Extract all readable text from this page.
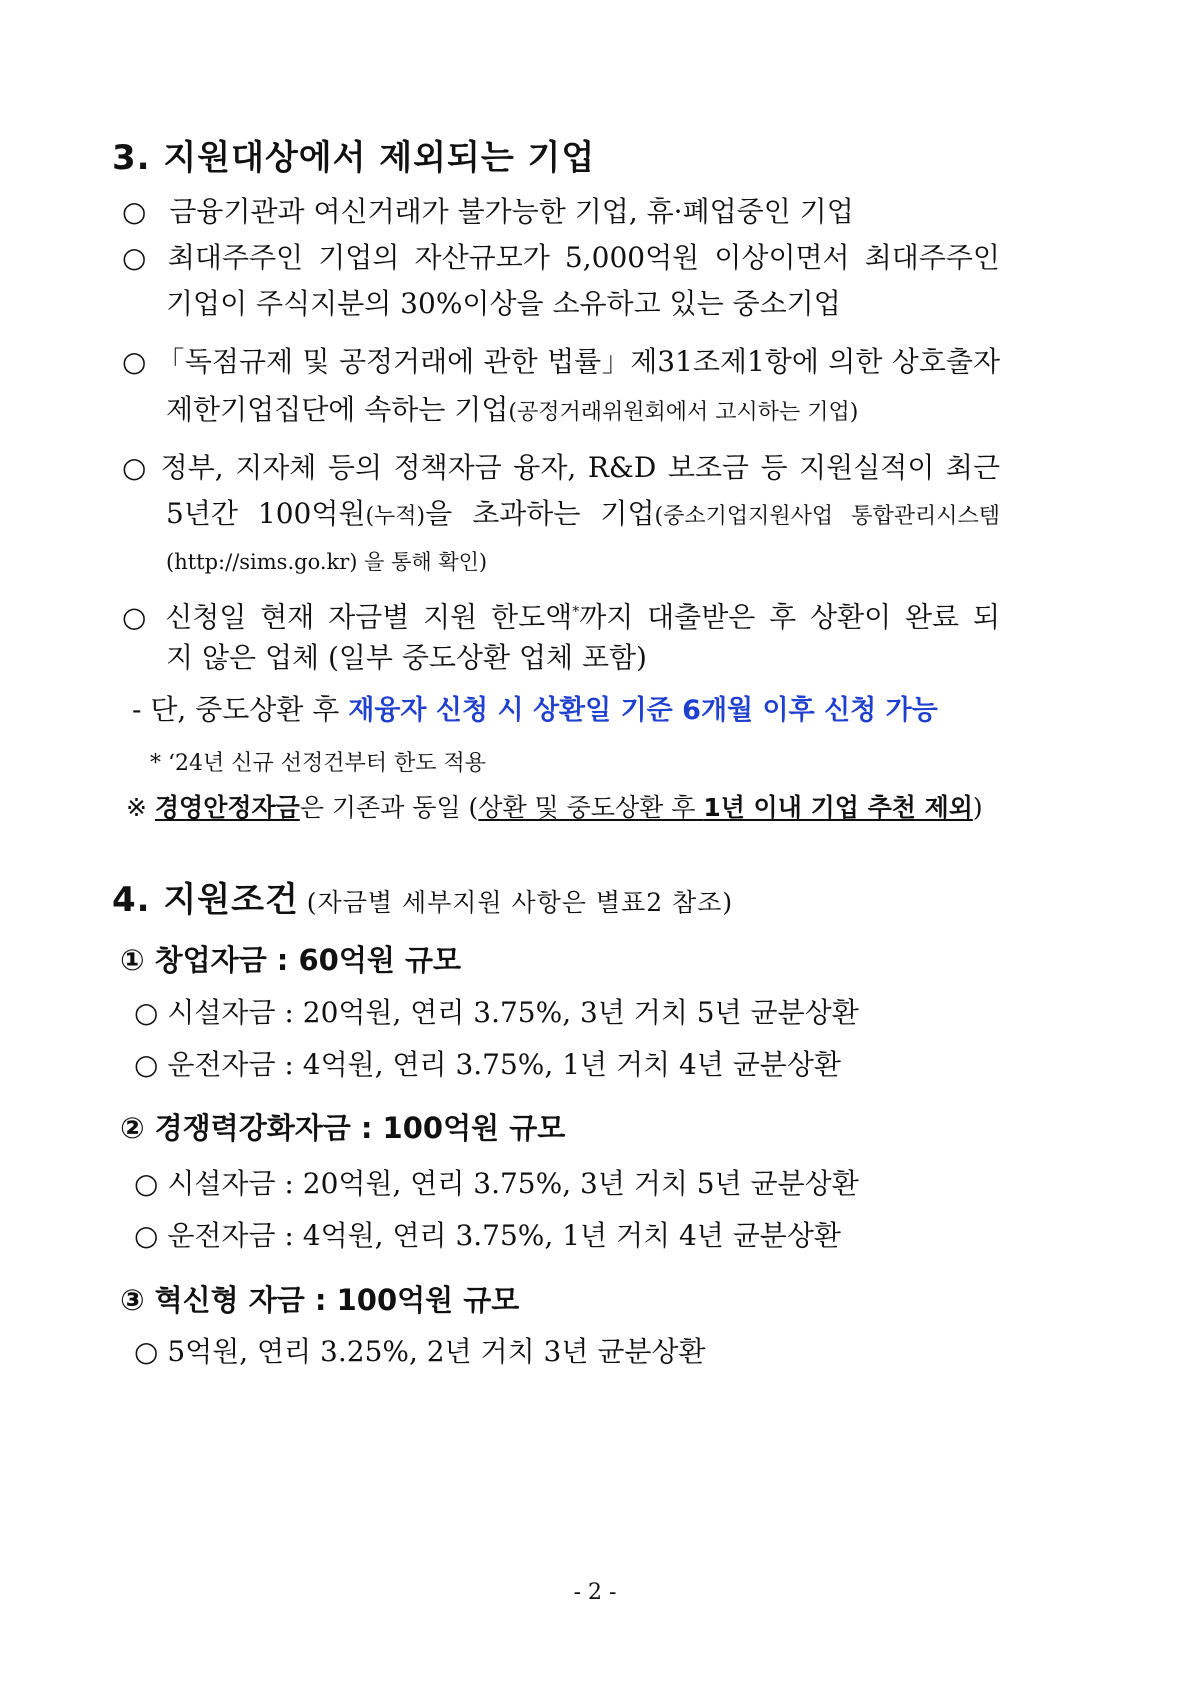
3. 지원대상에서 제외되는 기업
○ 금융기관과 여신거래가 불가능한 기업, 휴·폐업중인 기업
○ 최대주주인 기업의 자산규모가 5,000억원 이상이면서 최대주주인
기업이 주식지분의 30%이상을 소유하고 있는 중소기업
○ 「독점규제 및 공정거래에 관한 법률」제31조제1항에 의한 상호출자
제한기업집단에 속하는 기업(공정거래위원회에서 고시하는 기업)
○ 정부, 지자체 등의 정책자금 융자, R&D 보조금 등 지원실적이 최근
5년간 100억원(누적)을 초과하는 기업(중소기업지원사업 통합관리시스템
(http://sims.go.kr) 을 통해 확인)
○ 신청일 현재 자금별 지원 한도액*까지 대출받은 후 상환이 완료 되
지 않은 업체 (일부 중도상환 업체 포함)
- 단, 중도상환 후 재융자 신청 시 상환일 기준 6개월 이후 신청 가능
* ‘24년 신규 선정건부터 한도 적용
※ 경영안정자금은 기존과 동일 (상환 및 중도상환 후 1년 이내 기업 추천 제외)
4. 지원조건 (자금별 세부지원 사항은 별표2 참조)
① 창업자금 : 60억원 규모
○ 시설자금 : 20억원, 연리 3.75%, 3년 거치 5년 균분상환
○ 운전자금 : 4억원, 연리 3.75%, 1년 거치 4년 균분상환
② 경쟁력강화자금 : 100억원 규모
○ 시설자금 : 20억원, 연리 3.75%, 3년 거치 5년 균분상환
○ 운전자금 : 4억원, 연리 3.75%, 1년 거치 4년 균분상환
③ 혁신형 자금 : 100억원 규모
○ 5억원, 연리 3.25%, 2년 거치 3년 균분상환
- 2 -
